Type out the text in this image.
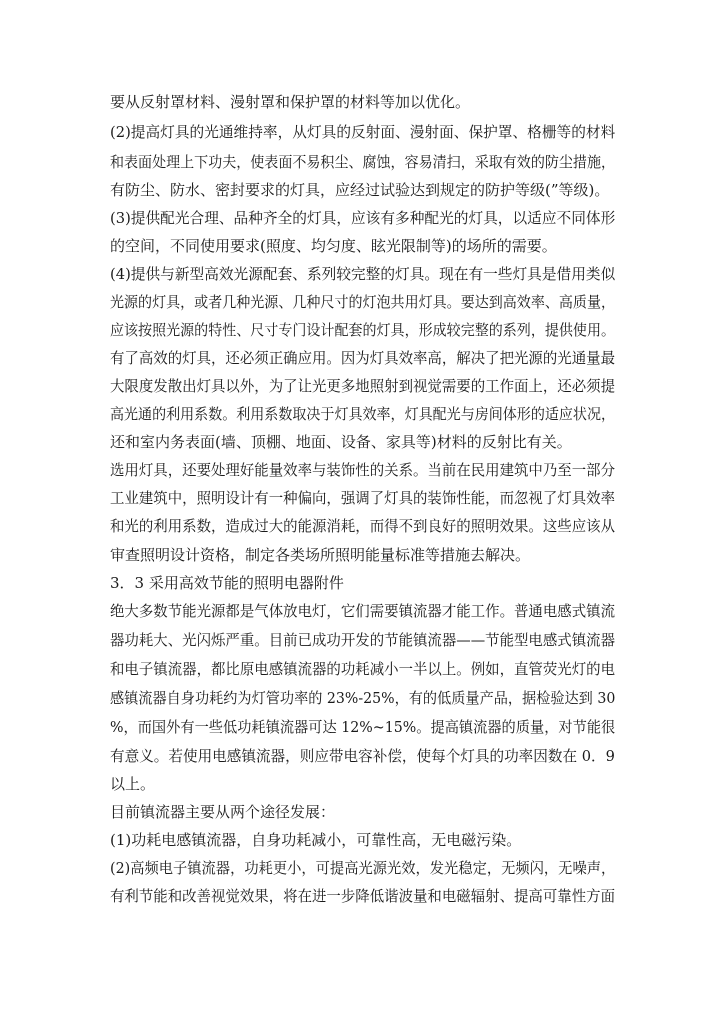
要从反射罩材料、漫射罩和保护罩的材料等加以优化。
(2)提高灯具的光通维持率，从灯具的反射面、漫射面、保护罩、格栅等的材料
和表面处理上下功夫，使表面不易积尘、腐蚀，容易清扫，采取有效的防尘措施，
有防尘、防水、密封要求的灯具，应经过试验达到规定的防护等级(”等级)。
(3)提供配光合理、品种齐全的灯具，应该有多种配光的灯具，以适应不同体形
的空间，不同使用要求(照度、均匀度、眩光限制等)的场所的需要。
(4)提供与新型高效光源配套、系列较完整的灯具。现在有一些灯具是借用类似
光源的灯具，或者几种光源、几种尺寸的灯泡共用灯具。要达到高效率、高质量，
应该按照光源的特性、尺寸专门设计配套的灯具，形成较完整的系列，提供使用。
有了高效的灯具，还必须正确应用。因为灯具效率高，解决了把光源的光通量最
大限度发散出灯具以外，为了让光更多地照射到视觉需要的工作面上，还必须提
高光通的利用系数。利用系数取决于灯具效率，灯具配光与房间体形的适应状况，
还和室内务表面(墙、顶棚、地面、设备、家具等)材料的反射比有关。
选用灯具，还要处理好能量效率与装饰性的关系。当前在民用建筑中乃至一部分
工业建筑中，照明设计有一种偏向，强调了灯具的装饰性能，而忽视了灯具效率
和光的利用系数，造成过大的能源消耗，而得不到良好的照明效果。这些应该从
审查照明设计资格，制定各类场所照明能量标准等措施去解决。
3．3 采用高效节能的照明电器附件
绝大多数节能光源都是气体放电灯，它们需要镇流器才能工作。普通电感式镇流
器功耗大、光闪烁严重。目前已成功开发的节能镇流器——节能型电感式镇流器
和电子镇流器，都比原电感镇流器的功耗减小一半以上。例如，直管荧光灯的电
感镇流器自身功耗约为灯管功率的 23%-25%，有的低质量产品，据检验达到 30
%，而国外有一些低功耗镇流器可达 12%~15%。提高镇流器的质量，对节能很
有意义。若使用电感镇流器，则应带电容补偿，使每个灯具的功率因数在 0．9
以上。
目前镇流器主要从两个途径发展：
(1)功耗电感镇流器，自身功耗减小，可靠性高，无电磁污染。
(2)高频电子镇流器，功耗更小，可提高光源光效，发光稳定，无频闪，无噪声，
有利节能和改善视觉效果，将在进一步降低谐波量和电磁辐射、提高可靠性方面
